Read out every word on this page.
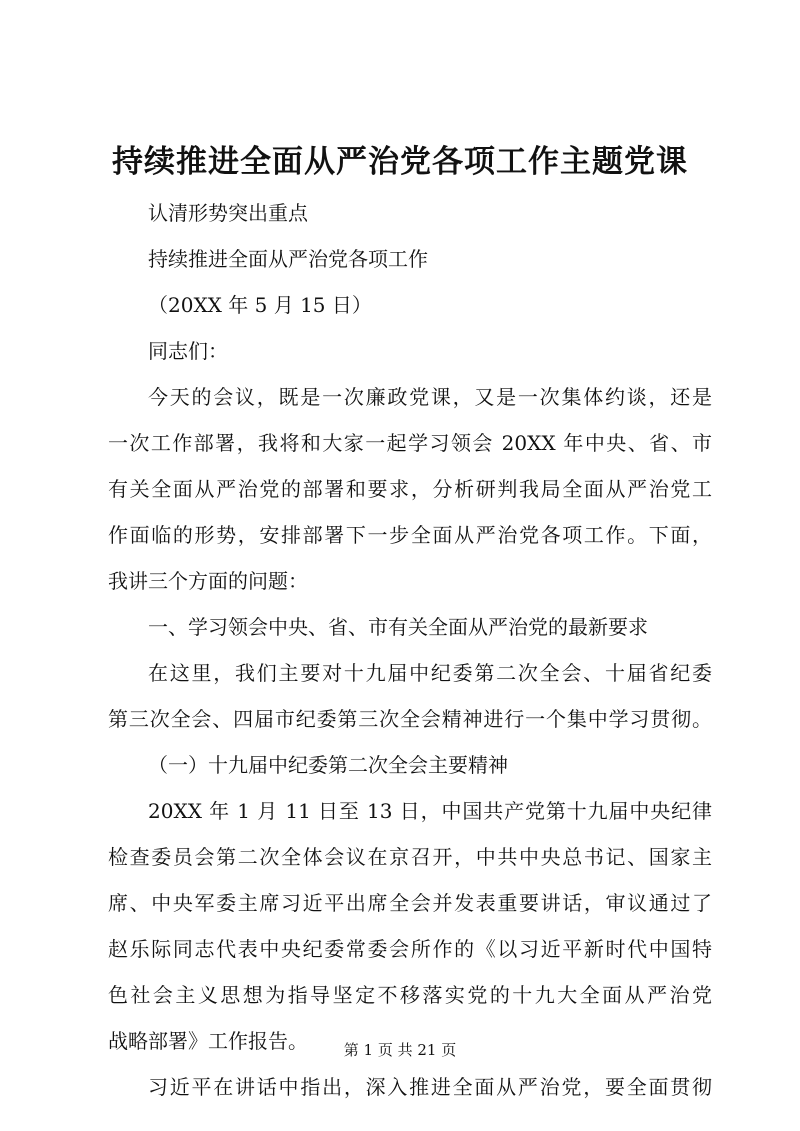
持续推进全面从严治党各项工作主题党课
认清形势突出重点
持续推进全面从严治党各项工作
（20XX 年 5 月 15 日）
同志们：
今天的会议，既是一次廉政党课，又是一次集体约谈，还是
一次工作部署，我将和大家一起学习领会 20XX 年中央、省、市
有关全面从严治党的部署和要求，分析研判我局全面从严治党工
作面临的形势，安排部署下一步全面从严治党各项工作。下面，
我讲三个方面的问题：
一、学习领会中央、省、市有关全面从严治党的最新要求
在这里，我们主要对十九届中纪委第二次全会、十届省纪委
第三次全会、四届市纪委第三次全会精神进行一个集中学习贯彻。
（一）十九届中纪委第二次全会主要精神
20XX 年 1 月 11 日至 13 日，中国共产党第十九届中央纪律
检查委员会第二次全体会议在京召开，中共中央总书记、国家主
席、中央军委主席习近平出席全会并发表重要讲话，审议通过了
赵乐际同志代表中央纪委常委会所作的《以习近平新时代中国特
色社会主义思想为指导坚定不移落实党的十九大全面从严治党
战略部署》工作报告。
习近平在讲话中指出，深入推进全面从严治党，要全面贯彻
第 1 页 共 21 页
